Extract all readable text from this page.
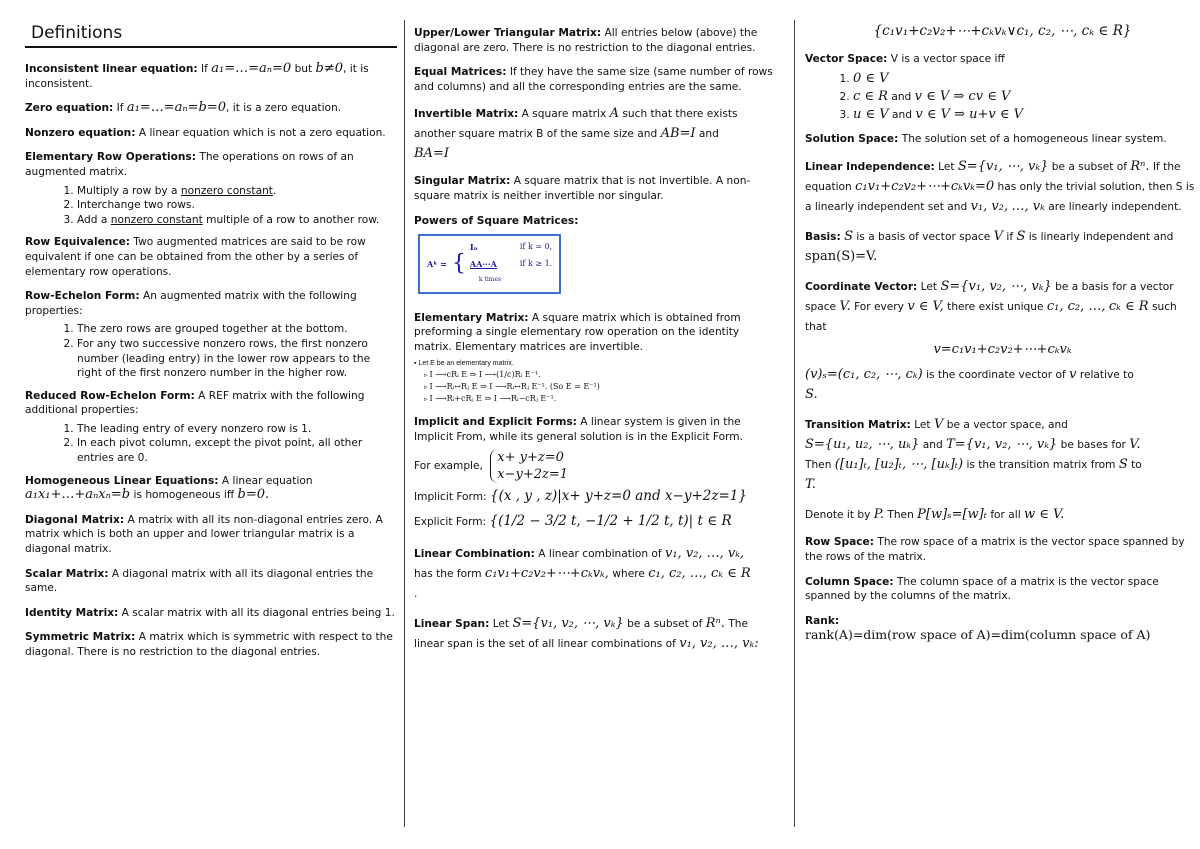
Definitions
Inconsistent linear equation: If a₁=…=aₙ=0 but b≠0, it is inconsistent.
Zero equation: If a₁=…=aₙ=b=0, it is a zero equation.
Nonzero equation: A linear equation which is not a zero equation.
Elementary Row Operations: The operations on rows of an augmented matrix.
1. Multiply a row by a nonzero constant.
2. Interchange two rows.
3. Add a nonzero constant multiple of a row to another row.
Row Equivalence: Two augmented matrices are said to be row equivalent if one can be obtained from the other by a series of elementary row operations.
Row-Echelon Form: An augmented matrix with the following properties:
1. The zero rows are grouped together at the bottom.
2. For any two successive nonzero rows, the first nonzero number (leading entry) in the lower row appears to the right of the first nonzero number in the higher row.
Reduced Row-Echelon Form: A REF matrix with the following additional properties:
1. The leading entry of every nonzero row is 1.
2. In each pivot column, except the pivot point, all other entries are 0.
Homogeneous Linear Equations: A linear equation
a₁x₁+…+aₙxₙ=b is homogeneous iff b=0.
Diagonal Matrix: A matrix with all its non-diagonal entries zero. A matrix which is both an upper and lower triangular matrix is a diagonal matrix.
Scalar Matrix: A diagonal matrix with all its diagonal entries the same.
Identity Matrix: A scalar matrix with all its diagonal entries being 1.
Symmetric Matrix: A matrix which is symmetric with respect to the diagonal. There is no restriction to the diagonal entries.
Upper/Lower Triangular Matrix: All entries below (above) the diagonal are zero. There is no restriction to the diagonal entries.
Equal Matrices: If they have the same size (same number of rows and columns) and all the corresponding entries are the same.
Invertible Matrix: A square matrix A such that there exists another square matrix B of the same size and AB=I and
BA=I
Singular Matrix: A square matrix that is not invertible. A non-square matrix is neither invertible nor singular.
Powers of Square Matrices:
Aᵏ =	{	Iₙ	if k = 0,
		AA···A	if k ≥ 1.
		k times	
Elementary Matrix: A square matrix which is obtained from preforming a single elementary row operation on the identity matrix. Elementary matrices are invertible.
▪ Let E be an elementary matrix.
▹ I ⟶cRᵢ E ⇒ I ⟶(1/c)Rᵢ E⁻¹.
▹ I ⟶Rᵢ↔Rⱼ E ⇒ I ⟶Rᵢ↔Rⱼ E⁻¹. (So E = E⁻¹)
▹ I ⟶Rᵢ+cRⱼ E ⇒ I ⟶Rᵢ−cRⱼ E⁻¹.
Implicit and Explicit Forms: A linear system is given in the Implicit From, while its general solution is in the Explicit Form.
For example,
x+ y+z=0
x−y+2z=1
Implicit Form: {(x , y , z)|x+ y+z=0 and x−y+2z=1}
Explicit Form: {(1/2 − 3/2 t, −1/2 + 1/2 t, t)| t ∈ R
Linear Combination: A linear combination of v₁, v₂, …, vₖ,
has the form c₁v₁+c₂v₂+⋯+cₖvₖ, where c₁, c₂, …, cₖ ∈ R
.
Linear Span: Let S={v₁, v₂, ⋯, vₖ} be a subset of Rⁿ. The linear span is the set of all linear combinations of v₁, v₂, …, vₖ:
{c₁v₁+c₂v₂+⋯+cₖvₖ∨c₁, c₂, ⋯, cₖ ∈ R}
Vector Space: V is a vector space iff
1. 0 ∈ V
2. c ∈ R and v ∈ V ⇒ cv ∈ V
3. u ∈ V and v ∈ V ⇒ u+v ∈ V
Solution Space: The solution set of a homogeneous linear system.
Linear Independence: Let S={v₁, ⋯, vₖ} be a subset of Rⁿ. If the equation c₁v₁+c₂v₂+⋯+cₖvₖ=0 has only the trivial solution, then S is a linearly independent set and v₁, v₂, …, vₖ are linearly independent.
Basis: S is a basis of vector space V if S is linearly independent and span(S)=V.
Coordinate Vector: Let S={v₁, v₂, ⋯, vₖ} be a basis for a vector space V. For every v ∈ V, there exist unique c₁, c₂, …, cₖ ∈ R such that
v=c₁v₁+c₂v₂+⋯+cₖvₖ
(v)ₛ=(c₁, c₂, ⋯, cₖ) is the coordinate vector of v relative to
S.
Transition Matrix: Let V be a vector space, and
S={u₁, u₂, ⋯, uₖ} and T={v₁, v₂, ⋯, vₖ} be bases for V.
Then ([u₁]ₜ, [u₂]ₜ, ⋯, [uₖ]ₜ) is the transition matrix from S to
T.
Denote it by P. Then P[w]ₛ=[w]ₜ for all w ∈ V.
Row Space: The row space of a matrix is the vector space spanned by the rows of the matrix.
Column Space: The column space of a matrix is the vector space spanned by the columns of the matrix.
Rank:
rank(A)=dim(row space of A)=dim(column space of A)
